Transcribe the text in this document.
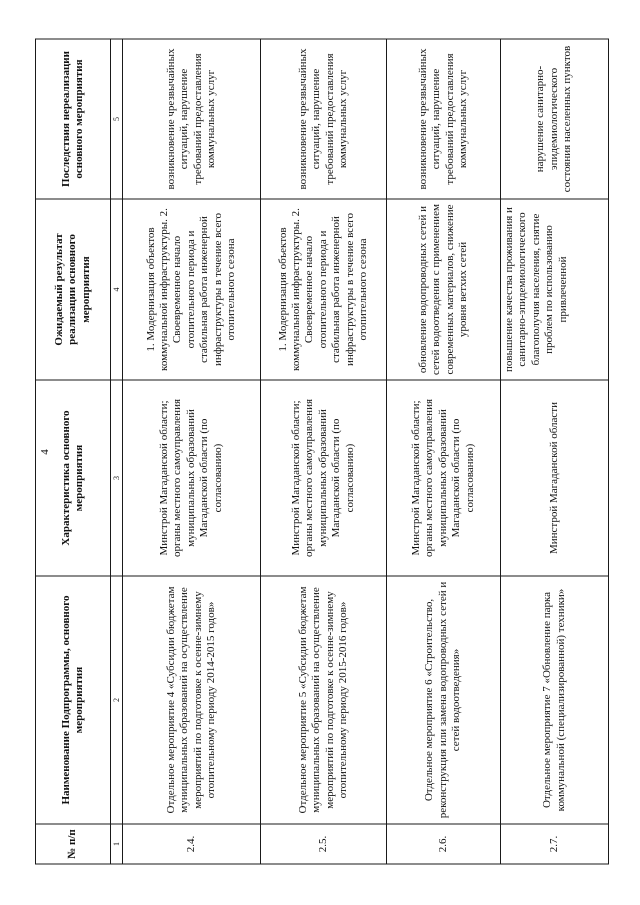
4
№ п/п	Наименование Подпрограммы, основного мероприятия	Характеристика основного мероприятия	Ожидаемый результат реализации основного мероприятия	Последствия нереализации основного мероприятия
1	2	3	4	5
2.4.	Отдельное мероприятие 4 «Субсидии бюджетам муниципальных образований на осуществление мероприятий по подготовке к осенне-зимнему отопительному периоду 2014-2015 годов»	Минстрой Магаданской области; органы местного самоуправления муниципальных образований Магаданской области (по согласованию)	1. Модернизация объектов коммунальной инфраструктуры. 2. Своевременное начало отопительного периода и стабильная работа инженерной инфраструктуры в течение всего отопительного сезона	возникновение чрезвычайных ситуаций, нарушение требований предоставления коммунальных услуг
2.5.	Отдельное мероприятие 5 «Субсидии бюджетам муниципальных образований на осуществление мероприятий по подготовке к осенне-зимнему отопительному периоду 2015-2016 годов»	Минстрой Магаданской области; органы местного самоуправления муниципальных образований Магаданской области (по согласованию)	1. Модернизация объектов коммунальной инфраструктуры. 2. Своевременное начало отопительного периода и стабильная работа инженерной инфраструктуры в течение всего отопительного сезона	возникновение чрезвычайных ситуаций, нарушение требований предоставления коммунальных услуг
2.6.	Отдельное мероприятие 6 «Строительство, реконструкция или замена водопроводных сетей и сетей водоотведения»	Минстрой Магаданской области; органы местного самоуправления муниципальных образований Магаданской области (по согласованию)	обновление водопроводных сетей и сетей водоотведения с применением современных материалов, снижение уровня ветхих сетей	возникновение чрезвычайных ситуаций, нарушение требований предоставления коммунальных услуг
2.7.	Отдельное мероприятие 7 «Обновление парка коммунальной (специализированной) техники»	Минстрой Магаданской области	повышение качества проживания и санитарно-эпидемиологического благополучия населения, снятие проблем по использованию привлеченной	нарушение санитарно-эпидемиологического состояния населенных пунктов
